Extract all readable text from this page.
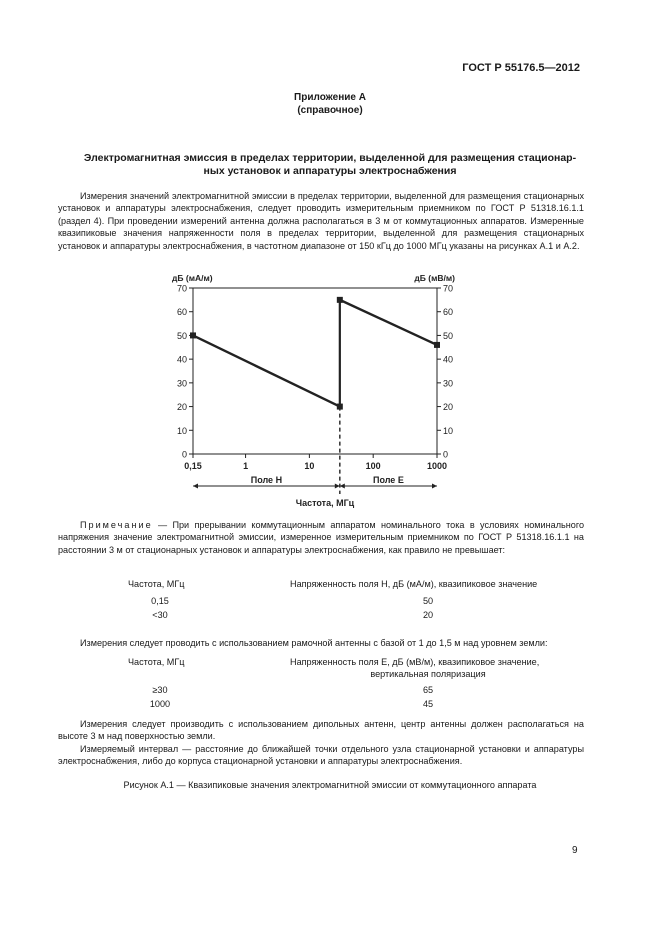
ГОСТ Р 55176.5—2012
Приложение А
(справочное)
Электромагнитная эмиссия в пределах территории, выделенной для размещения стационар-
ных установок и аппаратуры электроснабжения
Измерения значений электромагнитной эмиссии в пределах территории, выделенной для размещения стационарных установок и аппаратуры электроснабжения, следует проводить измерительным приемником по ГОСТ Р 51318.16.1.1 (раздел 4). При проведении измерений антенна должна располагаться в 3 м от коммутационных аппаратов. Измеренные квазипиковые значения напряженности поля в пределах территории, выделенной для размещения стационарных установок и аппаратуры электроснабжения, в частотном диапазоне от 150 кГц до 1000 МГц указаны на рисунках А.1 и А.2.
0	0
10	10
20	20
30	30
40	40
50	50
60	60
70	70
0,15	1	10	100	1000
дБ (мА/м)	дБ (мВ/м)
Поле H	Поле E
Частота, МГц
Примечание — При прерывании коммутационным аппаратом номинального тока в условиях номинального напряжения значение электромагнитной эмиссии, измеренное измерительным приемником по ГОСТ Р 51318.16.1.1 на расстоянии 3 м от стационарных установок и аппаратуры электроснабжения, как правило не превышает:
Частота, МГц	Напряженность поля H, дБ (мА/м), квазипиковое значение
0,15	50
<30	20
Измерения следует проводить с использованием рамочной антенны с базой от 1 до 1,5 м над уровнем земли:
Частота, МГц	Напряженность поля E, дБ (мВ/м), квазипиковое значение,
вертикальная поляризация
≥30	65
1000	45
Измерения следует производить с использованием дипольных антенн, центр антенны должен располагаться на высоте 3 м над поверхностью земли.
Измеряемый интервал — расстояние до ближайшей точки отдельного узла стационарной установки и аппаратуры электроснабжения, либо до корпуса стационарной установки и аппаратуры электроснабжения.
Рисунок А.1 — Квазипиковые значения электромагнитной эмиссии от коммутационного аппарата
9
